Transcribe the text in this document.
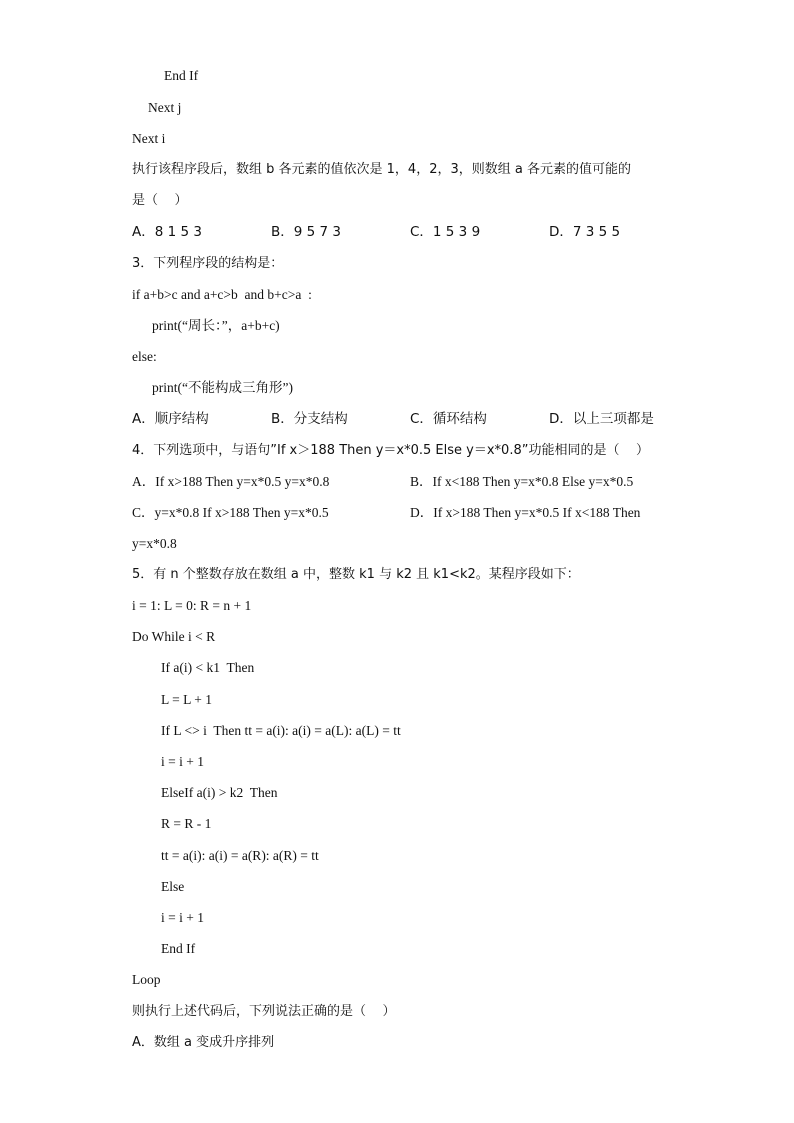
End If
Next j
Next i
执行该程序段后，数组 b 各元素的值依次是 1，4，2，3，则数组 a 各元素的值可能的
是（    ）
A．8 1 5 3	B．9 5 7 3	C．1 5 3 9	D．7 3 5 5
3．下列程序段的结构是：
if a+b>c and a+c>b  and b+c>a  :
print(“周长：”，a+b+c)
else:
print(“不能构成三角形”)
A．顺序结构	B．分支结构	C．循环结构	D．以上三项都是
4．下列选项中，与语句”If x＞188 Then y＝x*0.5 Else y＝x*0.8”功能相同的是（    ）
A．If x>188 Then y=x*0.5 y=x*0.8	B．If x<188 Then y=x*0.8 Else y=x*0.5
C．y=x*0.8 If x>188 Then y=x*0.5	D．If x>188 Then y=x*0.5 If x<188 Then
y=x*0.8
5．有 n 个整数存放在数组 a 中，整数 k1 与 k2 且 k1<k2。某程序段如下：
i = 1: L = 0: R = n + 1
Do While i < R
If a(i) < k1  Then
L = L + 1
If L <> i  Then tt = a(i): a(i) = a(L): a(L) = tt
i = i + 1
ElseIf a(i) > k2  Then
R = R - 1
tt = a(i): a(i) = a(R): a(R) = tt
Else
i = i + 1
End If
Loop
则执行上述代码后，下列说法正确的是（    ）
A．数组 a 变成升序排列
